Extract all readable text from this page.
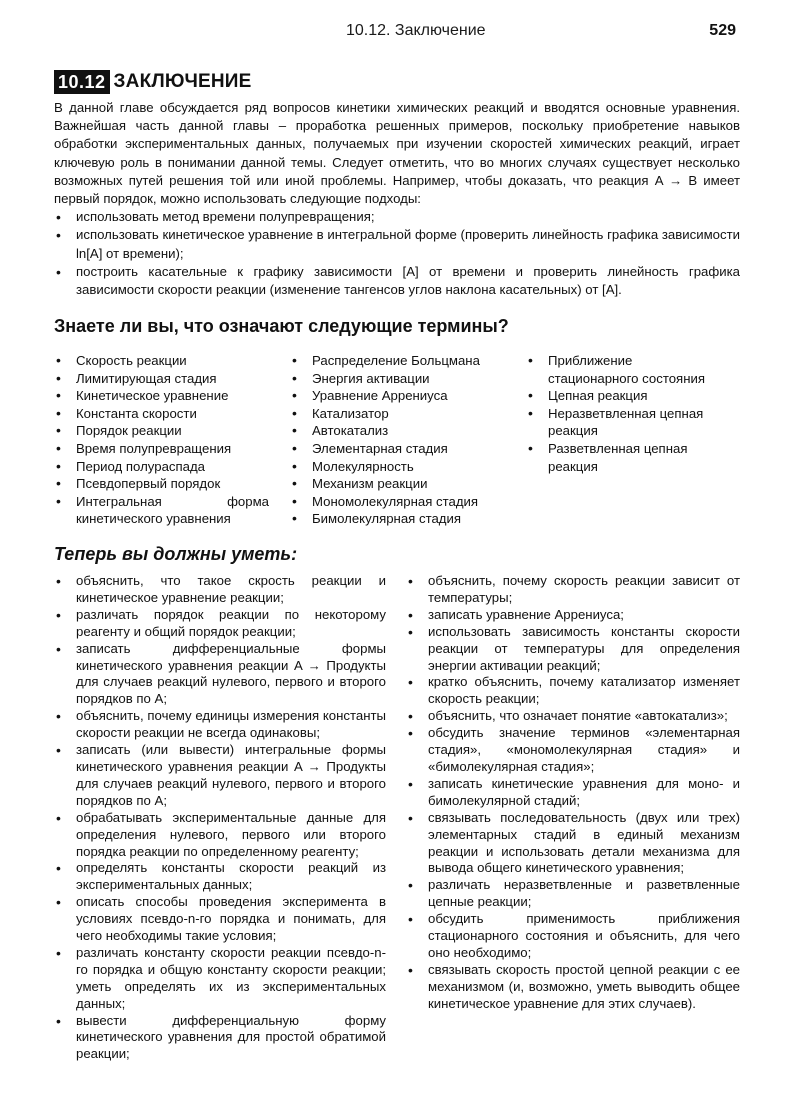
10.12. Заключение	529
10.12 ЗАКЛЮЧЕНИЕ

В данной главе обсуждается ряд вопросов кинетики химических реакций и вводятся основные уравнения. Важнейшая часть данной главы – проработка решенных примеров, поскольку приобретение навыков обработки экспериментальных данных, получаемых при изучении скоростей химических реакций, играет ключевую роль в понимании данной темы. Следует отметить, что во многих случаях существует несколько возможных путей решения той или иной проблемы. Например, чтобы доказать, что реакция A → B имеет первый порядок, можно использовать следующие подходы:

• использовать метод времени полупревращения;
• использовать кинетическое уравнение в интегральной форме (проверить линейность графика зависимости ln[A] от времени);
• построить касательные к графику зависимости [A] от времени и проверить линейность графика зависимости скорости реакции (изменение тангенсов углов наклона касательных) от [A].
Знаете ли вы, что означают следующие термины?
• Скорость реакции
• Лимитирующая стадия
• Кинетическое уравнение
• Константа скорости
• Порядок реакции
• Время полупревращения
• Период полураспада
• Псевдопервый порядок
• Интегральная форма кинетического уравнения
• Распределение Больцмана
• Энергия активации
• Уравнение Аррениуса
• Катализатор
• Автокатализ
• Элементарная стадия
• Молекулярность
• Механизм реакции
• Мономолекулярная стадия
• Бимолекулярная стадия
• Приближение стационарного состояния
• Цепная реакция
• Неразветвленная цепная реакция
• Разветвленная цепная реакция
Теперь вы должны уметь:
• объяснить, что такое скрость реакции и кинетическое уравнение реакции;
• различать порядок реакции по некоторому реагенту и общий порядок реакции;
• записать дифференциальные формы кинетического уравнения реакции A → Продукты для случаев реакций нулевого, первого и второго порядков по A;
• объяснить, почему единицы измерения константы скорости реакции не всегда одинаковы;
• записать (или вывести) интегральные формы кинетического уравнения реакции A → Продукты для случаев реакций нулевого, первого и второго порядков по A;
• обрабатывать экспериментальные данные для определения нулевого, первого или второго порядка реакции по определенному реагенту;
• определять константы скорости реакций из экспериментальных данных;
• описать способы проведения эксперимента в условиях псевдо-n-го порядка и понимать, для чего необходимы такие условия;
• различать константу скорости реакции псевдо-n-го порядка и общую константу скорости реакции; уметь определять их из экспериментальных данных;
• вывести дифференциальную форму кинетического уравнения для простой обратимой реакции;
• объяснить, почему скорость реакции зависит от температуры;
• записать уравнение Аррениуса;
• использовать зависимость константы скорости реакции от температуры для определения энергии активации реакций;
• кратко объяснить, почему катализатор изменяет скорость реакции;
• объяснить, что означает понятие «автокатализ»;
• обсудить значение терминов «элементарная стадия», «мономолекулярная стадия» и «бимолекулярная стадия»;
• записать кинетические уравнения для моно- и бимолекулярной стадий;
• связывать последовательность (двух или трех) элементарных стадий в единый механизм реакции и использовать детали механизма для вывода общего кинетического уравнения;
• различать неразветвленные и разветвленные цепные реакции;
• обсудить применимость приближения стационарного состояния и объяснить, для чего оно необходимо;
• связывать скорость простой цепной реакции с ее механизмом (и, возможно, уметь выводить общее кинетическое уравнение для этих случаев).
